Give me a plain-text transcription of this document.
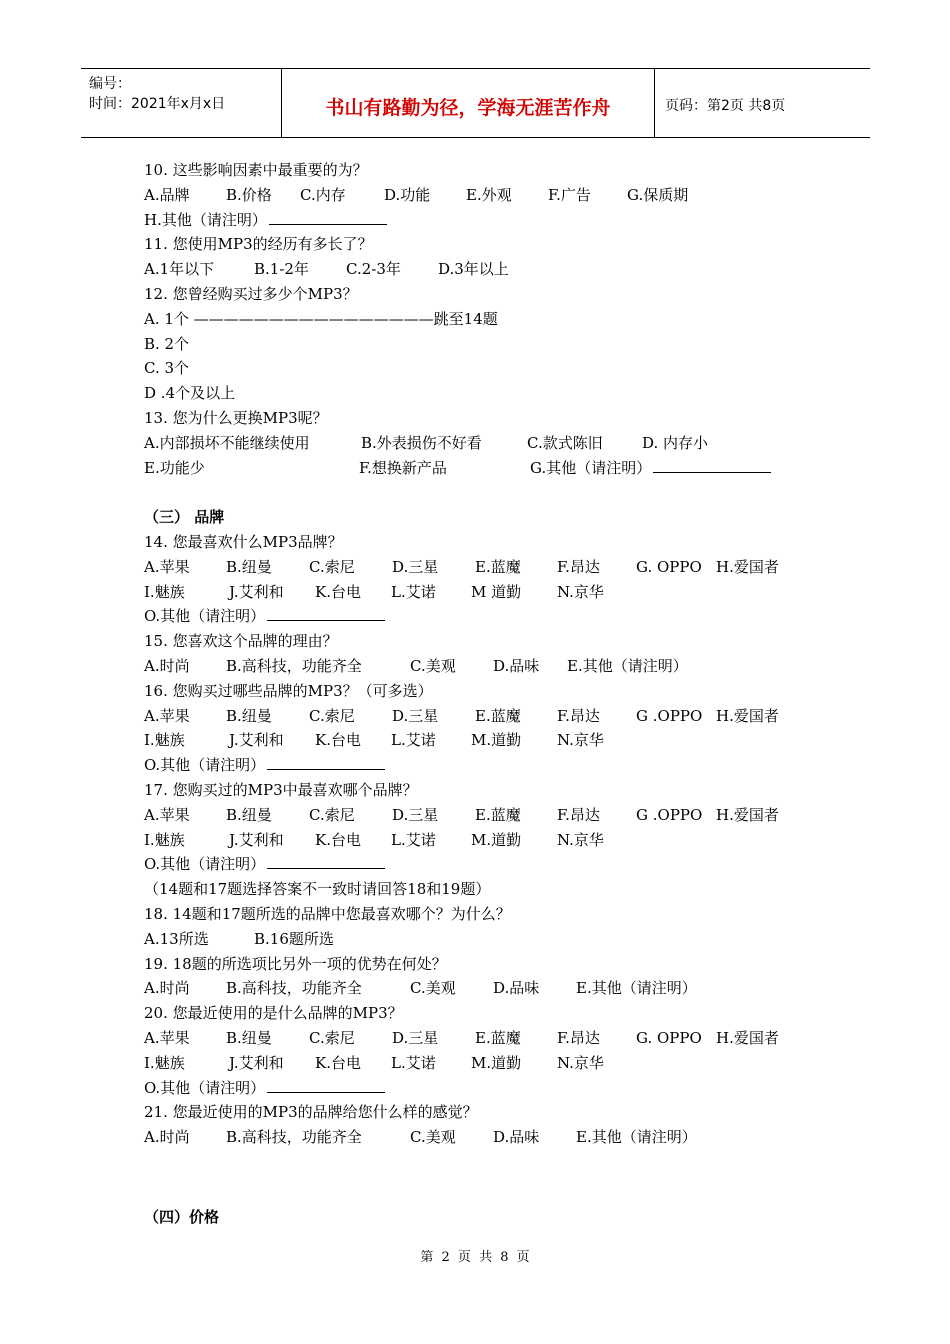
编号：
时间：2021年x月x日	书山有路勤为径，学海无涯苦作舟	页码：第2页 共8页
10. 这些影响因素中最重要的为？
A.品牌 B.价格 C.内存	D.功能 E.外观 F.广告 G.保质期
H.其他（请注明）
11. 您使用MP3的经历有多长了？
A.1年以下	B.1-2年 C.2-3年 D.3年以上
12. 您曾经购买过多少个MP3？
A. 1个 ————————————————跳至14题
B. 2个
C. 3个
D .4个及以上
13. 您为什么更换MP3呢？
A.内部损坏不能继续使用	B.外表损伤不好看	C.款式陈旧	D. 内存小
E.功能少	F.想换新产品	G.其他（请注明）
（三） 品牌
14. 您最喜欢什么MP3品牌？
A.苹果 B.纽曼 C.索尼 D.三星 E.蓝魔 F.昂达 G. OPPO H.爱国者
I.魅族	J.艾利和 K.台电 L.艾诺 M 道勤 N.京华
O.其他（请注明）
15. 您喜欢这个品牌的理由？
A.时尚 B.高科技，功能齐全	C.美观 D.品味 E.其他（请注明）
16. 您购买过哪些品牌的MP3？（可多选）
A.苹果 B.纽曼 C.索尼 D.三星 E.蓝魔 F.昂达 G .OPPO H.爱国者
I.魅族	J.艾利和 K.台电 L.艾诺 M.道勤 N.京华
O.其他（请注明）
17. 您购买过的MP3中最喜欢哪个品牌？
A.苹果 B.纽曼 C.索尼 D.三星 E.蓝魔 F.昂达 G .OPPO H.爱国者
I.魅族	J.艾利和 K.台电 L.艾诺 M.道勤 N.京华
O.其他（请注明）
（14题和17题选择答案不一致时请回答18和19题）
18. 14题和17题所选的品牌中您最喜欢哪个？为什么？
A.13所选	B.16题所选
19. 18题的所选项比另外一项的优势在何处？
A.时尚 B.高科技，功能齐全	C.美观 D.品味 E.其他（请注明）
20. 您最近使用的是什么品牌的MP3？
A.苹果 B.纽曼 C.索尼 D.三星 E.蓝魔 F.昂达 G. OPPO H.爱国者
I.魅族	J.艾利和 K.台电 L.艾诺 M.道勤 N.京华
O.其他（请注明）
21. 您最近使用的MP3的品牌给您什么样的感觉？
A.时尚 B.高科技，功能齐全	C.美观 D.品味 E.其他（请注明）
（四）价格
第 2 页 共 8 页
